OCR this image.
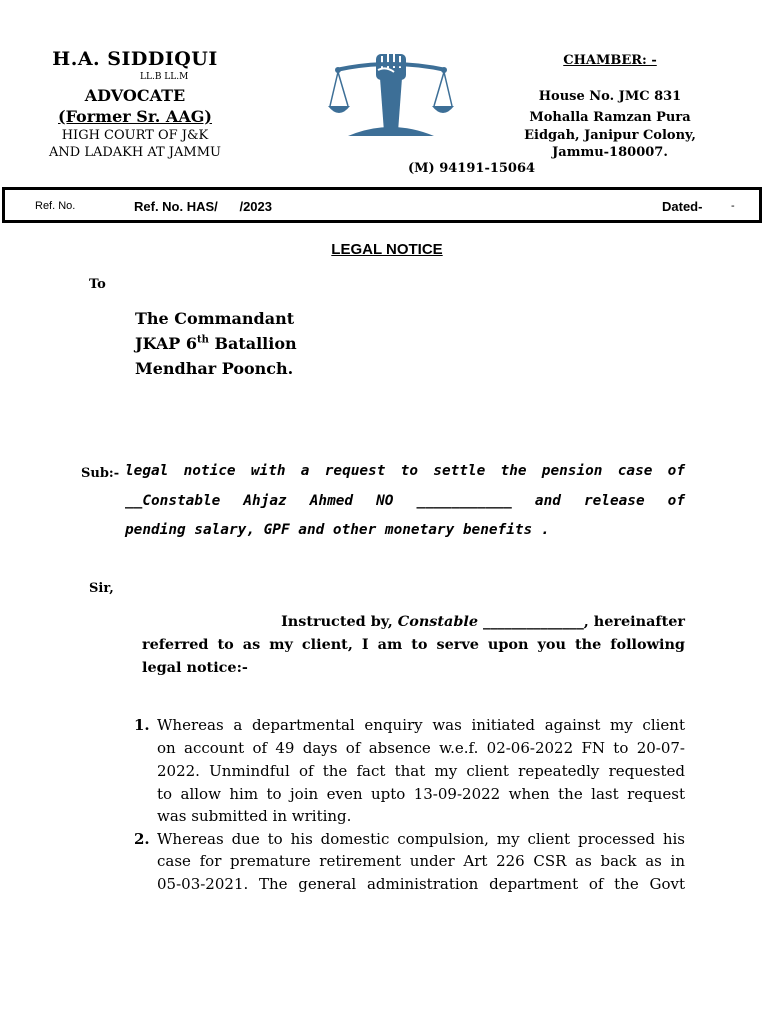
H.A. SIDDIQUI
LL.B LL.M
ADVOCATE
(Former Sr. AAG)
HIGH COURT OF J&K
AND LADAKH AT JAMMU
CHAMBER: -
House No. JMC 831
Mohalla Ramzan Pura
Eidgah, Janipur Colony,
Jammu-180007.
(M) 94191-15064
Ref. No.	Ref. No. HAS/      /2023	Dated-	-
LEGAL NOTICE
To
The Commandant
JKAP 6th Batallion
Mendhar Poonch.
Sub:- legal notice with a request to settle the pension case of
__Constable Ahjaz Ahmed NO ___________ and release of
pending salary, GPF and other monetary benefits .
Sir,
Instructed by, Constable ______________, hereinafter
referred to as my client, I am to serve upon you the following
legal notice:-
1. Whereas a departmental enquiry was initiated against my client
on account of 49 days of absence w.e.f. 02-06-2022 FN to 20-07-
2022. Unmindful of the fact that my client repeatedly requested
to allow him to join even upto 13-09-2022 when the last request
was submitted in writing.
2. Whereas due to his domestic compulsion, my client processed his
case for premature retirement under Art 226 CSR as back as in
05-03-2021. The general administration department of the Govt
